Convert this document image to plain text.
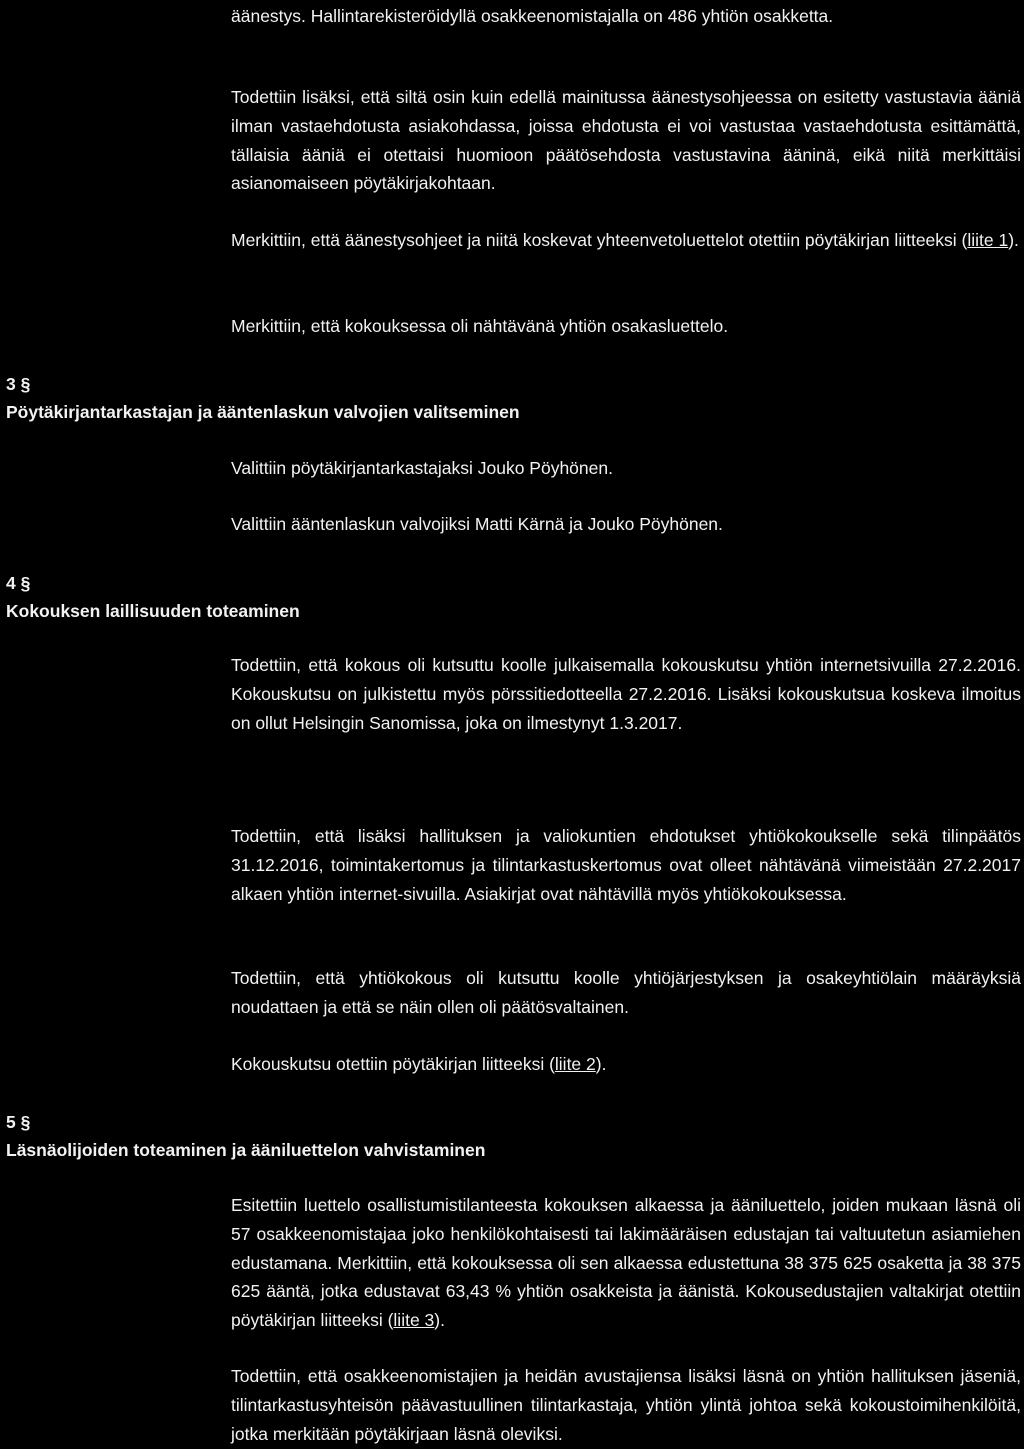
äänestys. Hallintarekisteröidyllä osakkeenomistajalla on 486 yhtiön osakketta.

Todettiin lisäksi, että siltä osin kuin edellä mainitussa äänestysohjeessa on esitetty vastustavia ääniä ilman vastaehdotusta asiakohdassa, joissa ehdotusta ei voi vastustaa vastaehdotusta esittämättä, tällaisia ääniä ei otettaisi huomioon päätösehdosta vastustavina ääninä, eikä niitä merkittäisi asianomaiseen pöytäkirjakohtaan.

Merkittiin, että äänestysohjeet ja niitä koskevat yhteenvetoluettelot otettiin pöytäkirjan liitteeksi (liite 1).

Merkittiin, että kokouksessa oli nähtävänä yhtiön osakasluettelo.

3 §
Pöytäkirjantarkastajan ja ääntenlaskun valvojien valitseminen

Valittiin pöytäkirjantarkastajaksi Jouko Pöyhönen.

Valittiin ääntenlaskun valvojiksi Matti Kärnä ja Jouko Pöyhönen.

4 §
Kokouksen laillisuuden toteaminen

Todettiin, että kokous oli kutsuttu koolle julkaisemalla kokouskutsu yhtiön internetsivuilla 27.2.2016. Kokouskutsu on julkistettu myös pörssitiedotteella 27.2.2016. Lisäksi kokouskutsua koskeva ilmoitus on ollut Helsingin Sanomissa, joka on ilmestynyt 1.3.2017.

Todettiin, että lisäksi hallituksen ja valiokuntien ehdotukset yhtiökokoukselle sekä tilinpäätös 31.12.2016, toimintakertomus ja tilintarkastuskertomus ovat olleet nähtävänä viimeistään 27.2.2017 alkaen yhtiön internet-sivuilla. Asiakirjat ovat nähtävillä myös yhtiökokouksessa.

Todettiin, että yhtiökokous oli kutsuttu koolle yhtiöjärjestyksen ja osakeyhtiölain määräyksiä noudattaen ja että se näin ollen oli päätösvaltainen.

Kokouskutsu otettiin pöytäkirjan liitteeksi (liite 2).

5 §
Läsnäolijoiden toteaminen ja ääniluettelon vahvistaminen

Esitettiin luettelo osallistumistilanteesta kokouksen alkaessa ja ääniluettelo, joiden mukaan läsnä oli 57 osakkeenomistajaa joko henkilökohtaisesti tai lakimääräisen edustajan tai valtuutetun asiamiehen edustamana. Merkittiin, että kokouksessa oli sen alkaessa edustettuna 38 375 625 osaketta ja 38 375 625 ääntä, jotka edustavat 63,43 % yhtiön osakkeista ja äänistä. Kokousedustajien valtakirjat otettiin pöytäkirjan liitteeksi (liite 3).

Todettiin, että osakkeenomistajien ja heidän avustajiensa lisäksi läsnä on yhtiön hallituksen jäseniä, tilintarkastusyhteisön päävastuullinen tilintarkastaja, yhtiön ylintä johtoa sekä kokoustoimihenkilöitä, jotka merkitään pöytäkirjaan läsnä oleviksi.
